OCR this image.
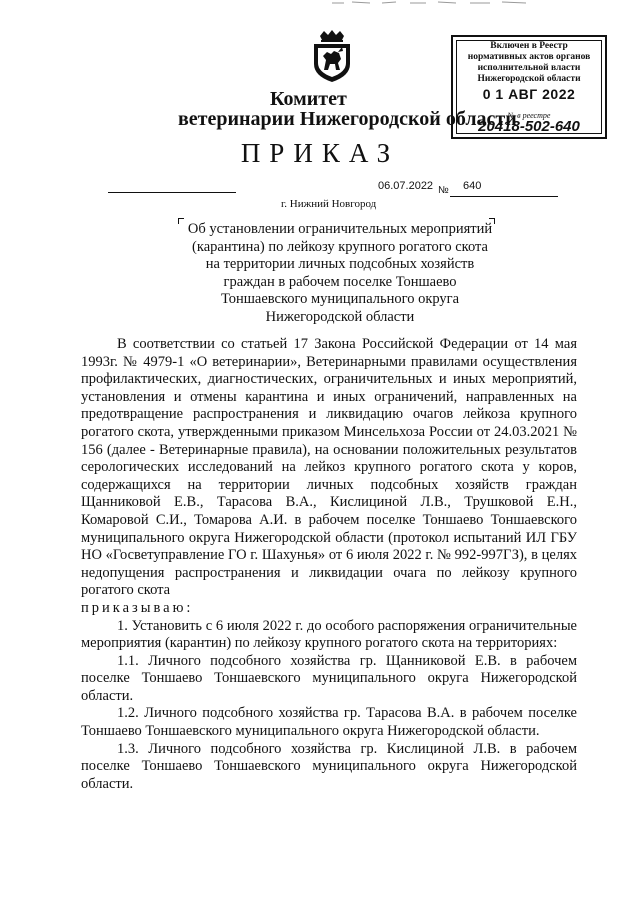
Комитет
ветеринарии Нижегородской области
Включен в Реестр
нормативных актов органов
исполнительной власти
Нижегородской области
0 1 АВГ 2022
№ в реестре
20418-502-640
ПРИКАЗ
06.07.2022 № 640
г. Нижний Новгород
Об установлении ограничительных мероприятий
(карантина) по лейкозу крупного рогатого скота
на территории личных подсобных хозяйств
граждан в рабочем поселке Тоншаево
Тоншаевского муниципального округа
Нижегородской области

В соответствии со статьей 17 Закона Российской Федерации от 14 мая 1993г. № 4979-1 «О ветеринарии», Ветеринарными правилами осуществления профилактических, диагностических, ограничительных и иных мероприятий, установления и отмены карантина и иных ограничений, направленных на предотвращение распространения и ликвидацию очагов лейкоза крупного рогатого скота, утвержденными приказом Минсельхоза России от 24.03.2021 № 156 (далее - Ветеринарные правила), на основании положительных результатов серологических исследований на лейкоз крупного рогатого скота у коров, содержащихся на территории личных подсобных хозяйств граждан Щанниковой Е.В., Тарасова В.А., Кислициной Л.В., Трушковой Е.Н., Комаровой С.И., Томарова А.И. в рабочем поселке Тоншаево Тоншаевского муниципального округа Нижегородской области (протокол испытаний ИЛ ГБУ НО «Госветуправление ГО г. Шахунья» от 6 июля 2022 г. № 992-997ГЗ), в целях недопущения распространения и ликвидации очага по лейкозу крупного рогатого скота

приказываю:

1. Установить с 6 июля 2022 г. до особого распоряжения ограничительные мероприятия (карантин) по лейкозу крупного рогатого скота на территориях:

1.1. Личного подсобного хозяйства гр. Щанниковой Е.В. в рабочем поселке Тоншаево Тоншаевского муниципального округа Нижегородской области.

1.2. Личного подсобного хозяйства гр. Тарасова В.А. в рабочем поселке Тоншаево Тоншаевского муниципального округа Нижегородской области.

1.3. Личного подсобного хозяйства гр. Кислициной Л.В. в рабочем поселке Тоншаево Тоншаевского муниципального округа Нижегородской области.
